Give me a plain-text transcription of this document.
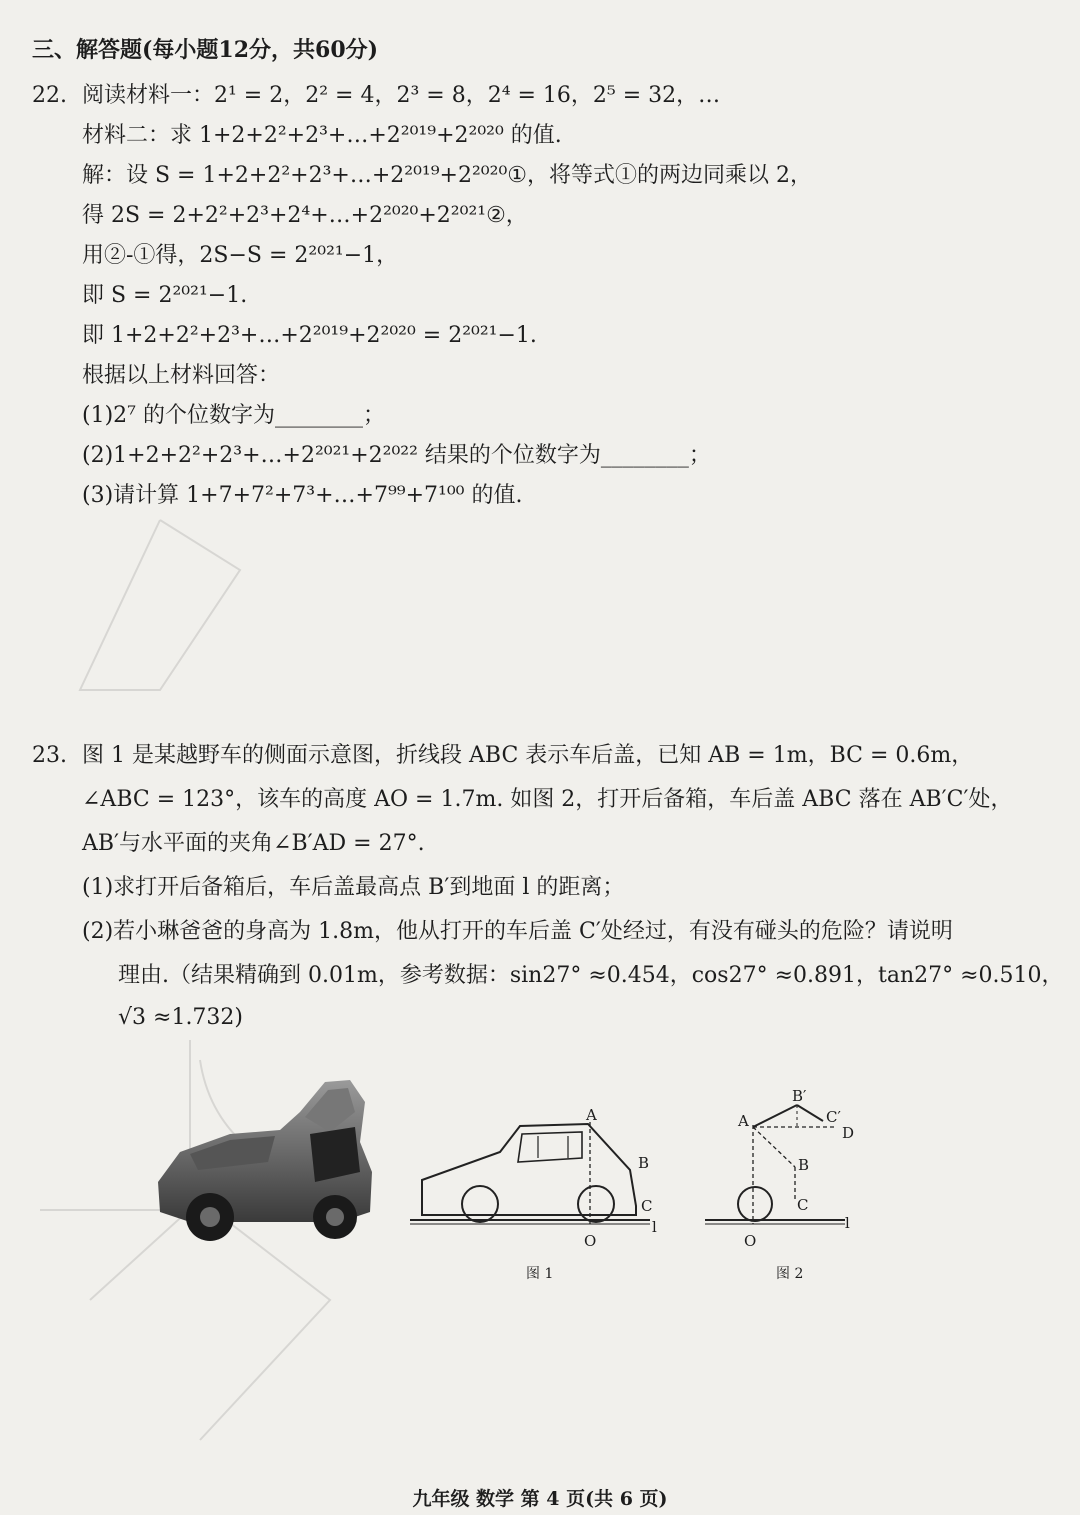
三、解答题(每小题12分，共60分)
22. 阅读材料一：2¹ = 2，2² = 4，2³ = 8，2⁴ = 16，2⁵ = 32，…
材料二：求 1+2+2²+2³+…+2²⁰¹⁹+2²⁰²⁰ 的值.
解：设 S = 1+2+2²+2³+…+2²⁰¹⁹+2²⁰²⁰①，将等式①的两边同乘以 2，
得 2S = 2+2²+2³+2⁴+…+2²⁰²⁰+2²⁰²¹②，
用②-①得，2S−S = 2²⁰²¹−1，
即 S = 2²⁰²¹−1.
即 1+2+2²+2³+…+2²⁰¹⁹+2²⁰²⁰ = 2²⁰²¹−1.
根据以上材料回答：
(1)2⁷ 的个位数字为________；
(2)1+2+2²+2³+…+2²⁰²¹+2²⁰²² 结果的个位数字为________；
(3)请计算 1+7+7²+7³+…+7⁹⁹+7¹⁰⁰ 的值.
23. 图 1 是某越野车的侧面示意图，折线段 ABC 表示车后盖，已知 AB = 1m，BC = 0.6m，
∠ABC = 123°，该车的高度 AO = 1.7m. 如图 2，打开后备箱，车后盖 ABC 落在 AB′C′处，
AB′与水平面的夹角∠B′AD = 27°.
(1)求打开后备箱后，车后盖最高点 B′到地面 l 的距离；
(2)若小琳爸爸的身高为 1.8m，他从打开的车后盖 C′处经过，有没有碰头的危险？请说明
理由.（结果精确到 0.01m，参考数据：sin27° ≈0.454，cos27° ≈0.891，tan27° ≈0.510，
√3 ≈1.732)
A
B
C
O
l
图 1
A
B′
C′
D
B
C
O
l
图 2
九年级 数学 第 4 页(共 6 页)
